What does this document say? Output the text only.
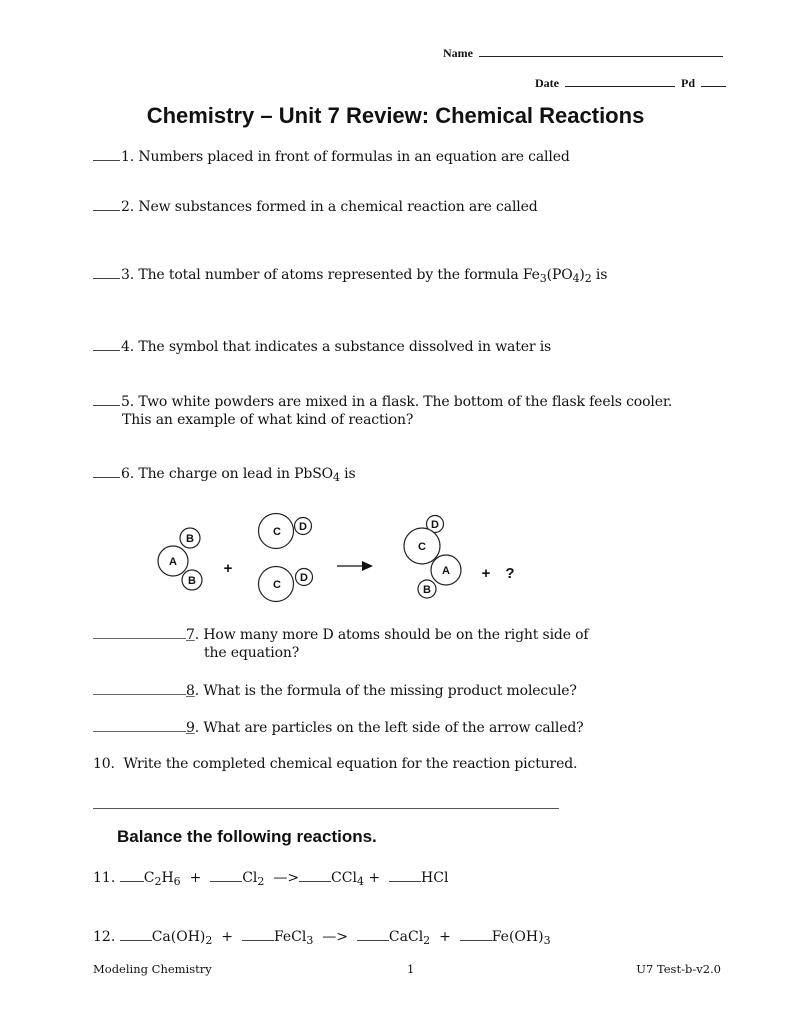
Name
Date	Pd
Chemistry – Unit 7 Review: Chemical Reactions
1. Numbers placed in front of formulas in an equation are called
2. New substances formed in a chemical reaction are called
3. The total number of atoms represented by the formula $Fe_3(PO_4)_2$ is
4. The symbol that indicates a substance dissolved in water is
5. Two white powders are mixed in a flask. The bottom of the flask feels cooler.
This an example of what kind of reaction?
6. The charge on lead in PbSO$_4$ is
A
B
B
C D
C
D
D
C
A
B
+	+ ?
7. How many more D atoms should be on the right side of
the equation?
8. What is the formula of the missing product molecule?
9. What are particles on the left side of the arrow called?
10. Write the completed chemical equation for the reaction pictured.
Balance the following reactions.
11. $C_2H_6$ +	$Cl_2$ —> CCl$_4$ +	HCl
12.	$Ca(OH)_2$ +	FeCl$_3$ —>	CaCl$_2$ +	$Fe(OH)_3$
Modeling Chemistry	1	U7 Test-b-v2.0
